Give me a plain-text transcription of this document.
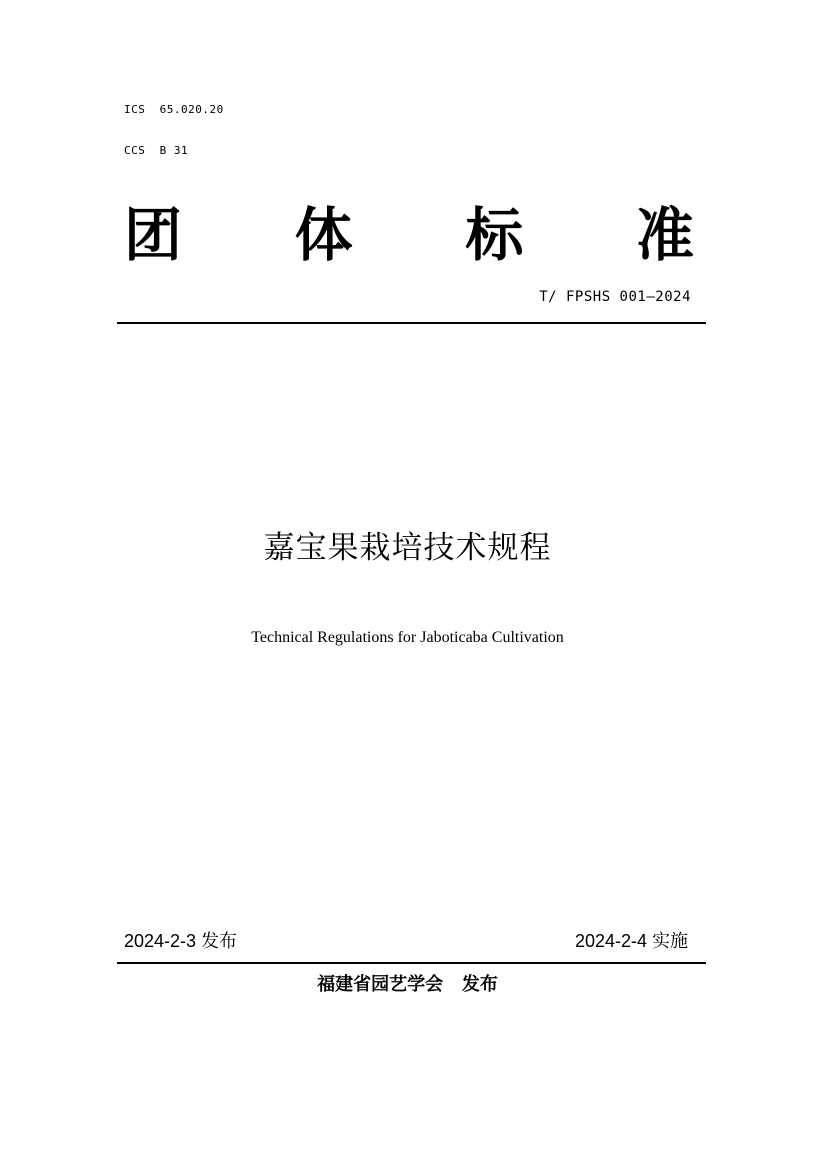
ICS  65.020.20
CCS  B 31
团 体 标 准
T/ FPSHS 001—2024
嘉宝果栽培技术规程
Technical Regulations for Jaboticaba Cultivation
2024-2-3 发布	2024-2-4 实施
福建省园艺学会   发布
